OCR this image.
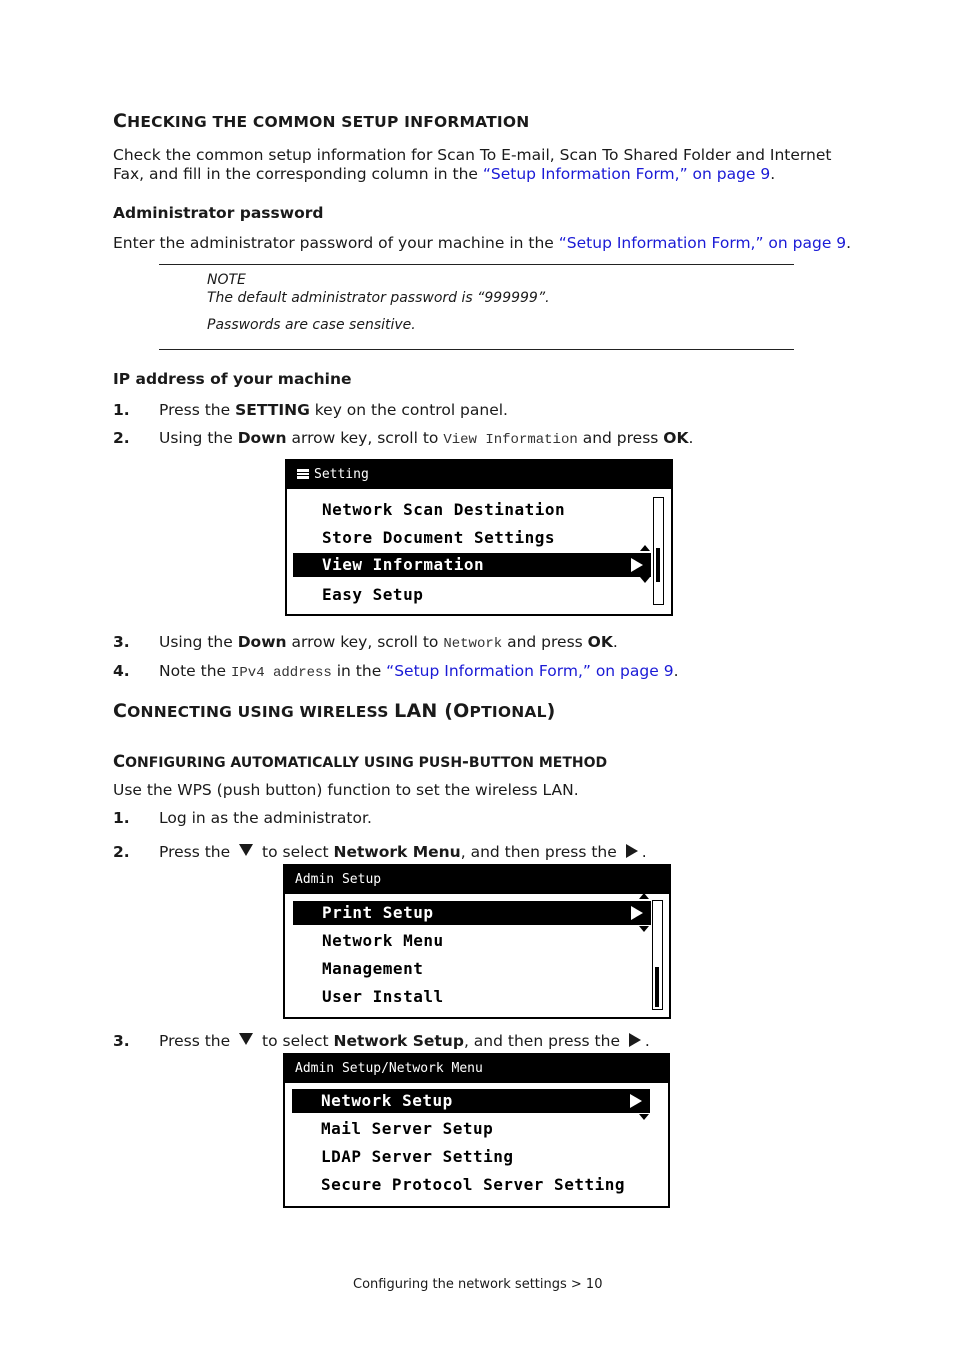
CHECKING THE COMMON SETUP INFORMATION
Check the common setup information for Scan To E-mail, Scan To Shared Folder and Internet
Fax, and fill in the corresponding column in the “Setup Information Form,” on page 9.
Administrator password
Enter the administrator password of your machine in the “Setup Information Form,” on page 9.
NOTE
The default administrator password is “999999”.
Passwords are case sensitive.
IP address of your machine
1. Press the SETTING key on the control panel.
2. Using the Down arrow key, scroll to View Information and press OK.
Setting
Network Scan Destination
Store Document Settings
View Information
Easy Setup
3. Using the Down arrow key, scroll to Network and press OK.
4. Note the IPv4 address in the “Setup Information Form,” on page 9.
CONNECTING USING WIRELESS LAN (OPTIONAL)
CONFIGURING AUTOMATICALLY USING PUSH-BUTTON METHOD
Use the WPS (push button) function to set the wireless LAN.
1. Log in as the administrator.
2. Press the  to select Network Menu, and then press the .
Admin Setup
Print Setup
Network Menu
Management
User Install
3. Press the  to select Network Setup, and then press the .
Admin Setup/Network Menu
Network Setup
Mail Server Setup
LDAP Server Setting
Secure Protocol Server Setting
Configuring the network settings > 10
